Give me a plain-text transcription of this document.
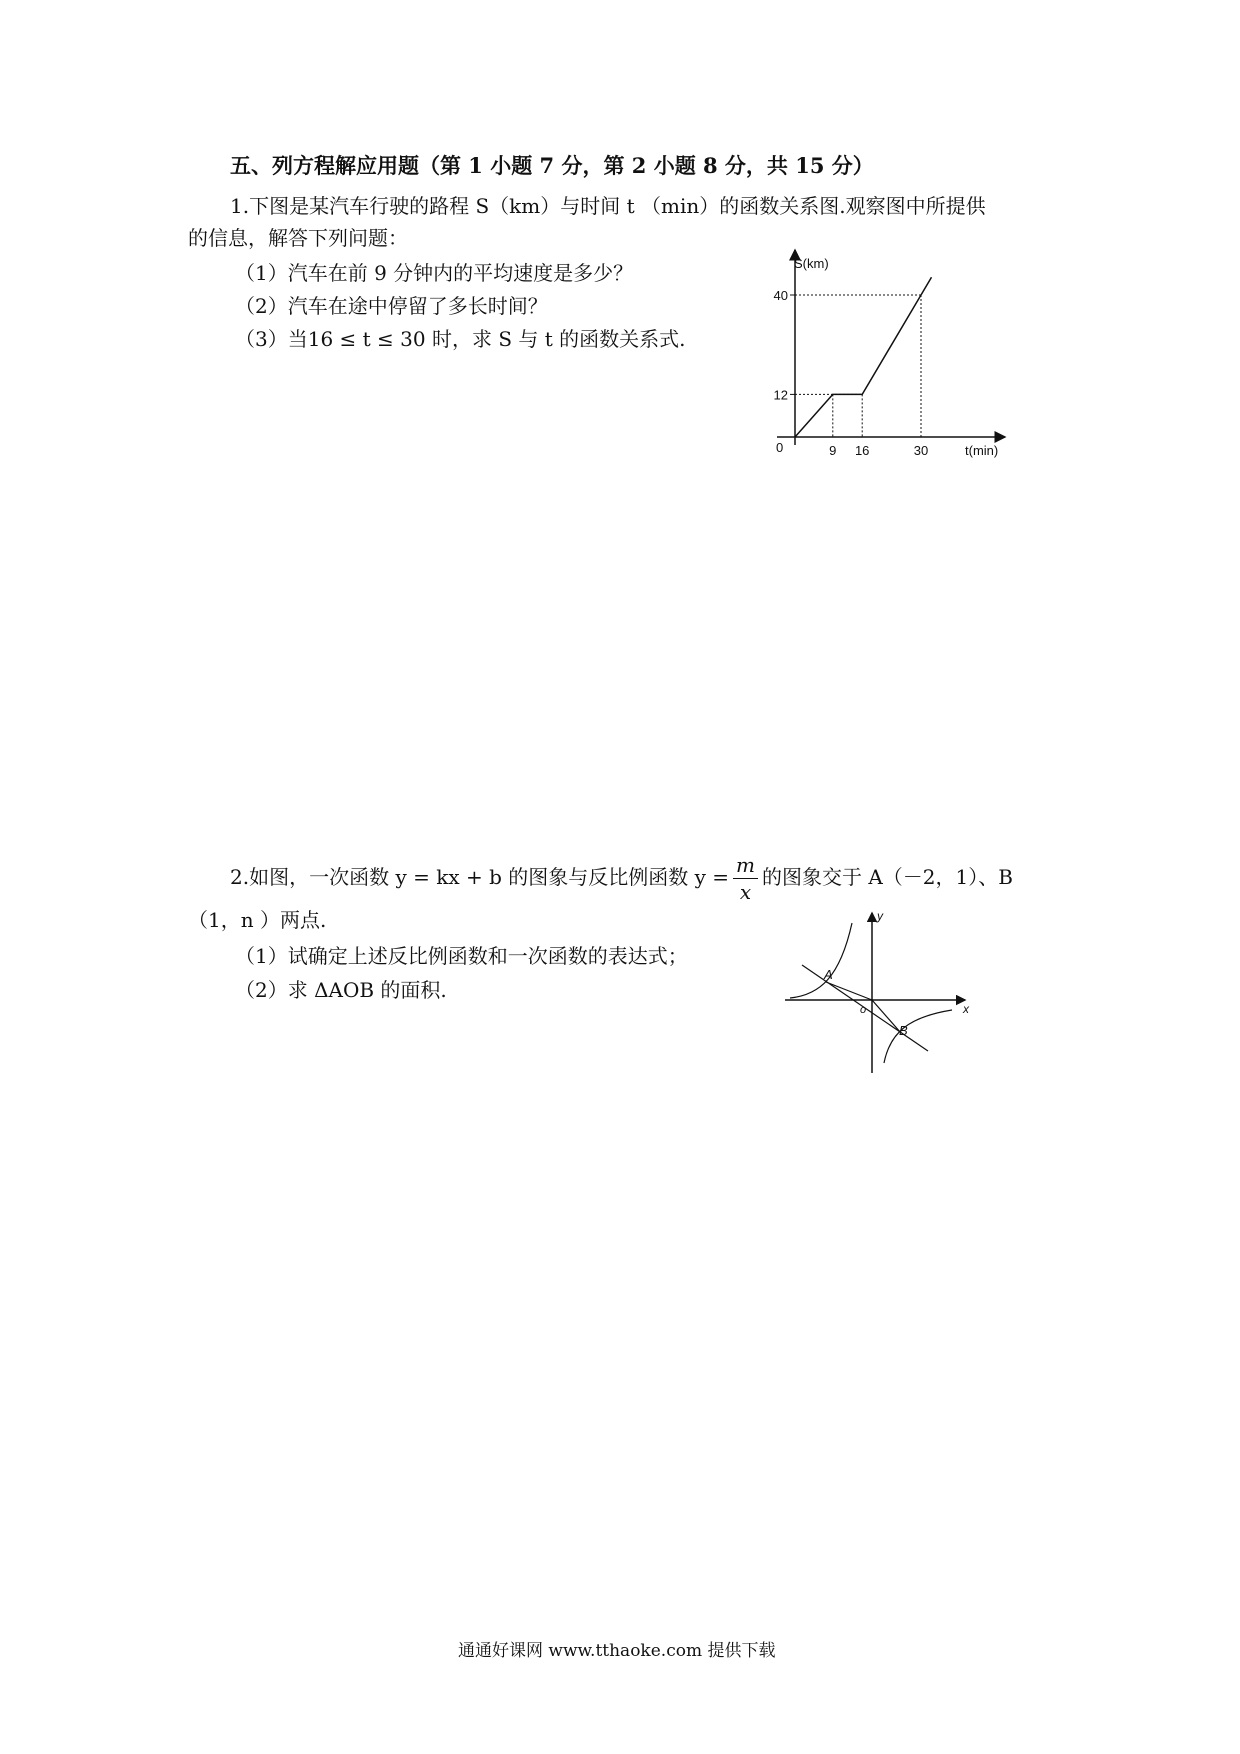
五、列方程解应用题（第 1 小题 7 分，第 2 小题 8 分，共 15 分）
1.下图是某汽车行驶的路程 S（km）与时间 t （min）的函数关系图.观察图中所提供
的信息，解答下列问题：
（1）汽车在前 9 分钟内的平均速度是多少？
（2）汽车在途中停留了多长时间？
（3）当16 ≤ t ≤ 30 时，求 S 与 t 的函数关系式.
12
40
9 16	30
S(km)
t(min)
0
2.如图，一次函数 y = kx + b 的图象与反比例函数 $y = \frac{m}{x}$ 的图象交于 A（－2，1）、B
（1，n ）两点.
（1）试确定上述反比例函数和一次函数的表达式；
（2）求 ΔAOB 的面积.
y
x
o
A
B
通通好课网 www.tthaoke.com 提供下载
